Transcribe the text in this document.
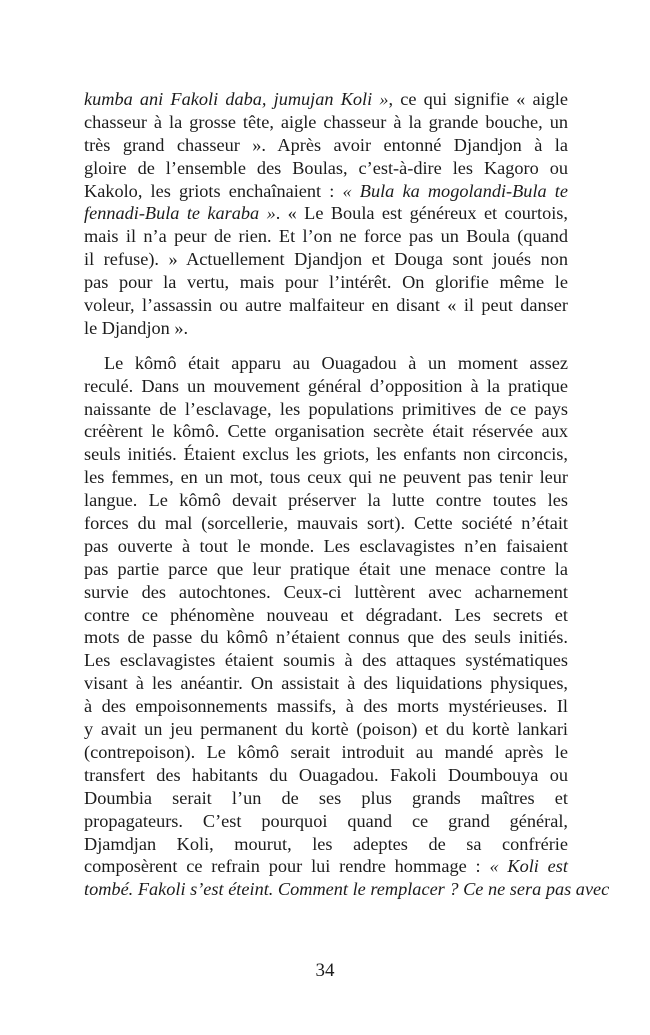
kumba ani Fakoli daba, jumujan Koli », ce qui signifie « aigle
chasseur à la grosse tête, aigle chasseur à la grande bouche, un
très grand chasseur ». Après avoir entonné Djandjon à la
gloire de l’ensemble des Boulas, c’est-à-dire les Kagoro ou
Kakolo, les griots enchaînaient : « Bula ka mogolandi-Bula te
fennadi-Bula te karaba ». « Le Boula est généreux et courtois,
mais il n’a peur de rien. Et l’on ne force pas un Boula (quand
il refuse). » Actuellement Djandjon et Douga sont joués non
pas pour la vertu, mais pour l’intérêt. On glorifie même le
voleur, l’assassin ou autre malfaiteur en disant « il peut danser
le Djandjon ».
Le kômô était apparu au Ouagadou à un moment assez
reculé. Dans un mouvement général d’opposition à la pratique
naissante de l’esclavage, les populations primitives de ce pays
créèrent le kômô. Cette organisation secrète était réservée aux
seuls initiés. Étaient exclus les griots, les enfants non circoncis,
les femmes, en un mot, tous ceux qui ne peuvent pas tenir leur
langue. Le kômô devait préserver la lutte contre toutes les
forces du mal (sorcellerie, mauvais sort). Cette société n’était
pas ouverte à tout le monde. Les esclavagistes n’en faisaient
pas partie parce que leur pratique était une menace contre la
survie des autochtones. Ceux-ci luttèrent avec acharnement
contre ce phénomène nouveau et dégradant. Les secrets et
mots de passe du kômô n’étaient connus que des seuls initiés.
Les esclavagistes étaient soumis à des attaques systématiques
visant à les anéantir. On assistait à des liquidations physiques,
à des empoisonnements massifs, à des morts mystérieuses. Il
y avait un jeu permanent du kortè (poison) et du kortè lankari
(contrepoison). Le kômô serait introduit au mandé après le
transfert des habitants du Ouagadou. Fakoli Doumbouya ou
Doumbia serait l’un de ses plus grands maîtres et
propagateurs. C’est pourquoi quand ce grand général,
Djamdjan Koli, mourut, les adeptes de sa confrérie
composèrent ce refrain pour lui rendre hommage : « Koli est
tombé. Fakoli s’est éteint. Comment le remplacer ? Ce ne sera pas avec
34
